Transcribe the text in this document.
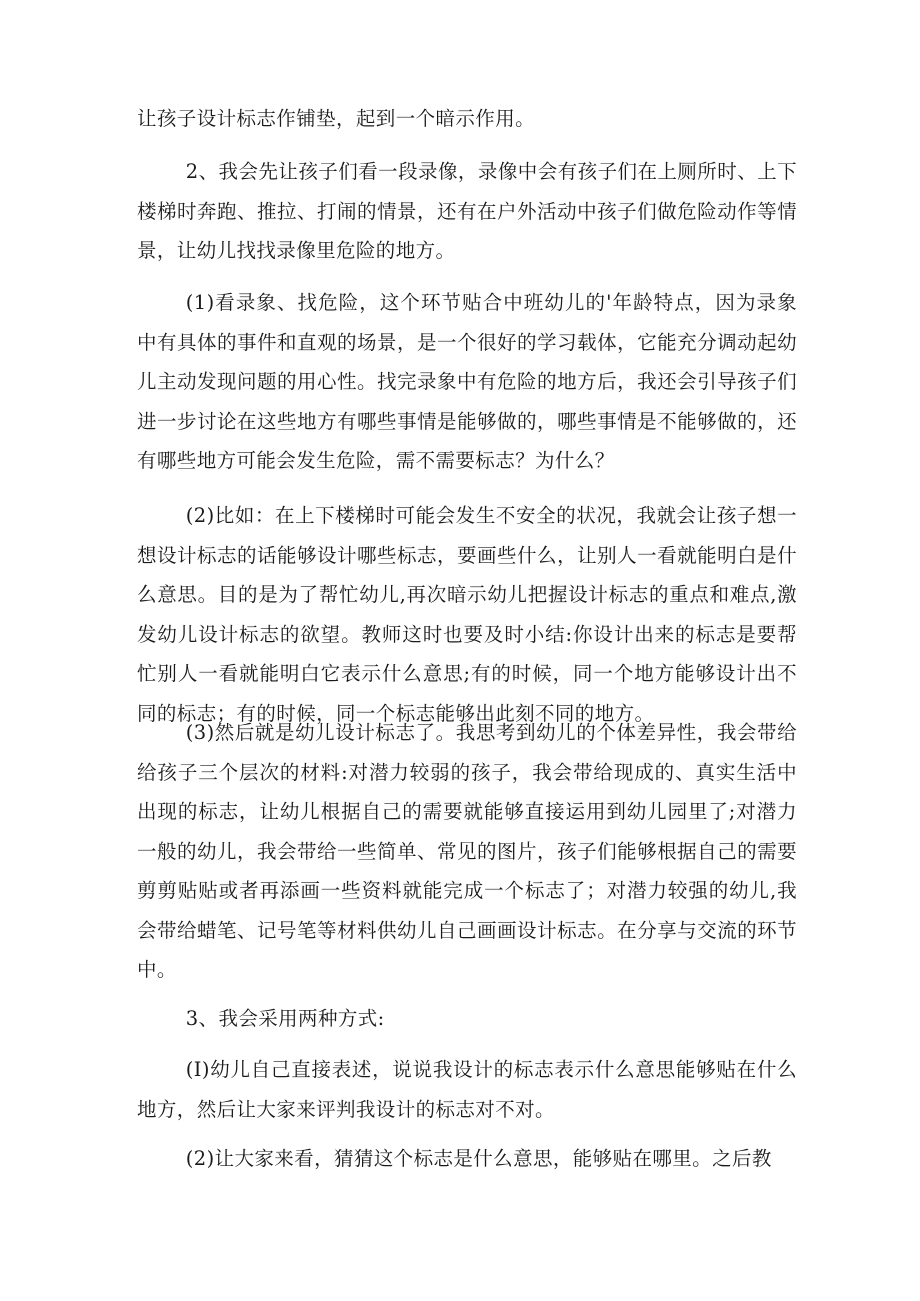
让孩子设计标志作铺垫，起到一个暗示作用。

2、我会先让孩子们看一段录像，录像中会有孩子们在上厕所时、上下楼梯时奔跑、推拉、打闹的情景，还有在户外活动中孩子们做危险动作等情景，让幼儿找找录像里危险的地方。

(1)看录象、找危险，这个环节贴合中班幼儿的'年龄特点，因为录象中有具体的事件和直观的场景，是一个很好的学习载体，它能充分调动起幼儿主动发现问题的用心性。找完录象中有危险的地方后，我还会引导孩子们进一步讨论在这些地方有哪些事情是能够做的，哪些事情是不能够做的，还有哪些地方可能会发生危险，需不需要标志？为什么？

(2)比如：在上下楼梯时可能会发生不安全的状况，我就会让孩子想一想设计标志的话能够设计哪些标志，要画些什么，让别人一看就能明白是什么意思。目的是为了帮忙幼儿,再次暗示幼儿把握设计标志的重点和难点,激发幼儿设计标志的欲望。教师这时也要及时小结:你设计出来的标志是要帮忙别人一看就能明白它表示什么意思;有的时候，同一个地方能够设计出不同的标志；有的时候，同一个标志能够出此刻不同的地方。

(3)然后就是幼儿设计标志了。我思考到幼儿的个体差异性，我会带给给孩子三个层次的材料:对潜力较弱的孩子，我会带给现成的、真实生活中出现的标志，让幼儿根据自己的需要就能够直接运用到幼儿园里了;对潜力一般的幼儿，我会带给一些简单、常见的图片，孩子们能够根据自己的需要剪剪贴贴或者再添画一些资料就能完成一个标志了；对潜力较强的幼儿,我会带给蜡笔、记号笔等材料供幼儿自己画画设计标志。在分享与交流的环节中。

3、我会采用两种方式:

(I)幼儿自己直接表述，说说我设计的标志表示什么意思能够贴在什么地方，然后让大家来评判我设计的标志对不对。

(2)让大家来看，猜猜这个标志是什么意思，能够贴在哪里。之后教
